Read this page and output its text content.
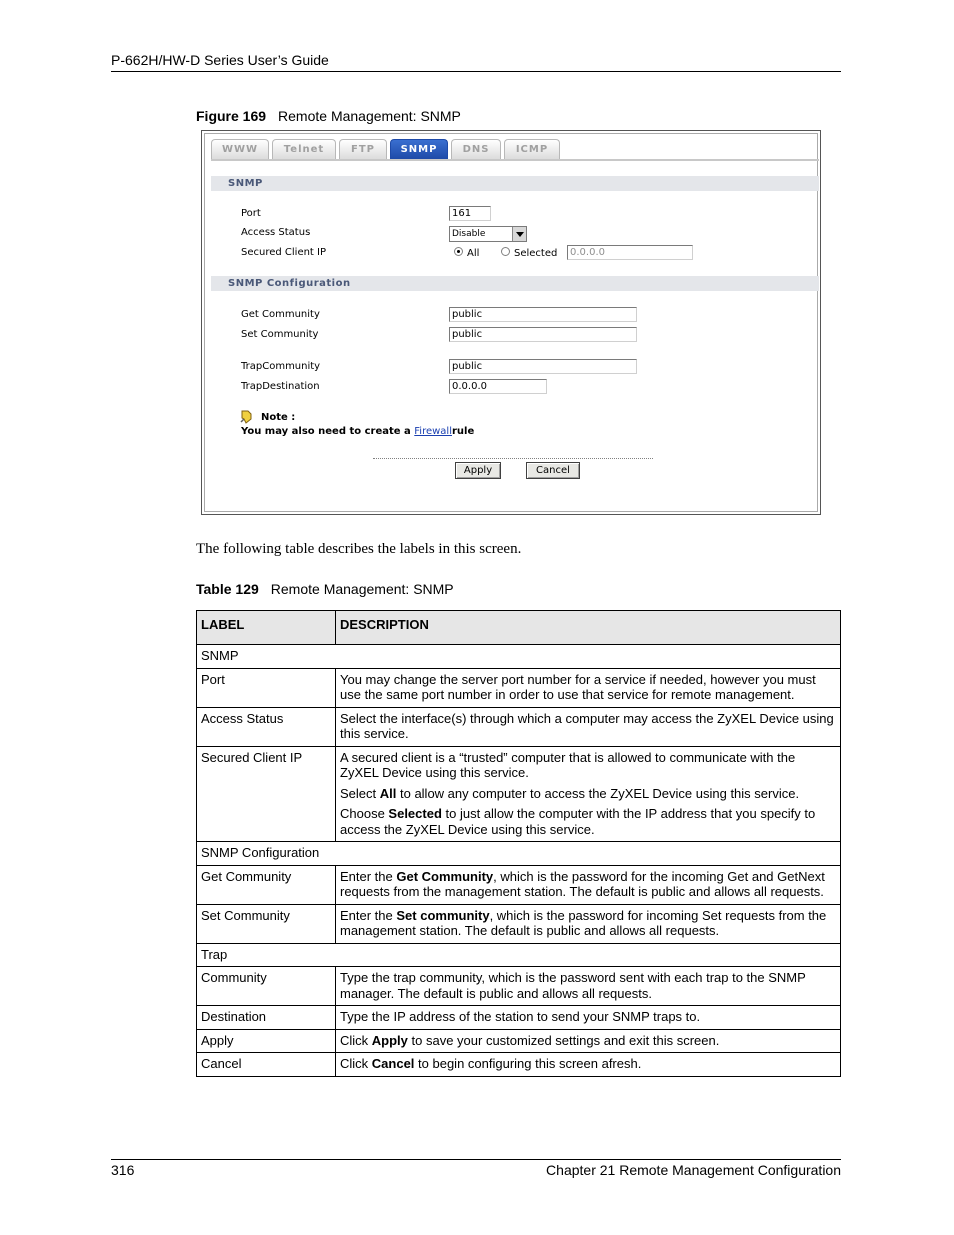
P-662H/HW-D Series User’s Guide
Figure 169 Remote Management: SNMP
WWW	Telnet	FTP	SNMP	DNS	ICMP
SNMP
Port	161
Access Status	Disable
Secured Client IP	All	Selected	0.0.0.0
SNMP Configuration
Get Community	public
Set Community	public
TrapCommunity	public
TrapDestination	0.0.0.0
Note :
You may also need to create a Firewallrule
Apply	Cancel
The following table describes the labels in this screen.
Table 129 Remote Management: SNMP
LABEL	DESCRIPTION
SNMP	
Port	You may change the server port number for a service if needed, however you must use the same port number in order to use that service for remote management.
Access Status	Select the interface(s) through which a computer may access the ZyXEL Device using this service.
Secured Client IP	A secured client is a “trusted” computer that is allowed to communicate with the ZyXEL Device using this service.

Select All to allow any computer to access the ZyXEL Device using this service.

Choose Selected to just allow the computer with the IP address that you specify to access the ZyXEL Device using this service.

SNMP Configuration	
Get Community	Enter the Get Community, which is the password for the incoming Get and GetNext requests from the management station. The default is public and allows all requests.
Set Community	Enter the Set community, which is the password for incoming Set requests from the management station. The default is public and allows all requests.
Trap	
Community	Type the trap community, which is the password sent with each trap to the SNMP manager. The default is public and allows all requests.
Destination	Type the IP address of the station to send your SNMP traps to.
Apply	Click Apply to save your customized settings and exit this screen.
Cancel	Click Cancel to begin configuring this screen afresh.
316	Chapter 21 Remote Management Configuration
